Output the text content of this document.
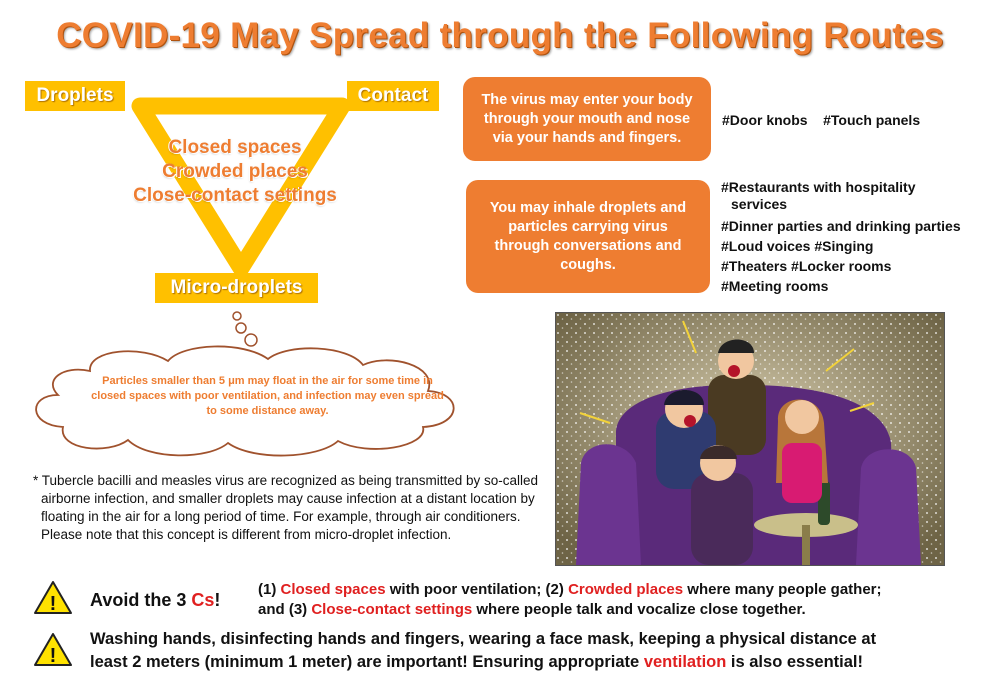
COVID-19 May Spread through the Following Routes
Droplets	Contact
Micro-droplets
Closed spaces
Crowded places
Close-contact settings
Particles smaller than 5 μm may float in the air for some time in closed spaces with poor ventilation, and infection may even spread to some distance away.
The virus may enter your body through your mouth and nose via your hands and fingers.
#Door knobs    #Touch panels
You may inhale droplets and particles carrying virus through conversations and coughs.
#Restaurants with hospitality
services
#Dinner parties and drinking parties
#Loud voices #Singing
#Theaters #Locker rooms
#Meeting rooms
* Tubercle bacilli and measles virus are recognized as being transmitted by so-called airborne infection, and smaller droplets may cause infection at a distant location by floating in the air for a long period of time. For example, through air conditioners. Please note that this concept is different from micro-droplet infection.
! Avoid the 3 Cs!
(1) Closed spaces with poor ventilation; (2) Crowded places where many people gather;
and (3) Close-contact settings where people talk and vocalize close together.
!
Washing hands, disinfecting hands and fingers, wearing a face mask, keeping a physical distance at
least 2 meters (minimum 1 meter) are important! Ensuring appropriate ventilation is also essential!
